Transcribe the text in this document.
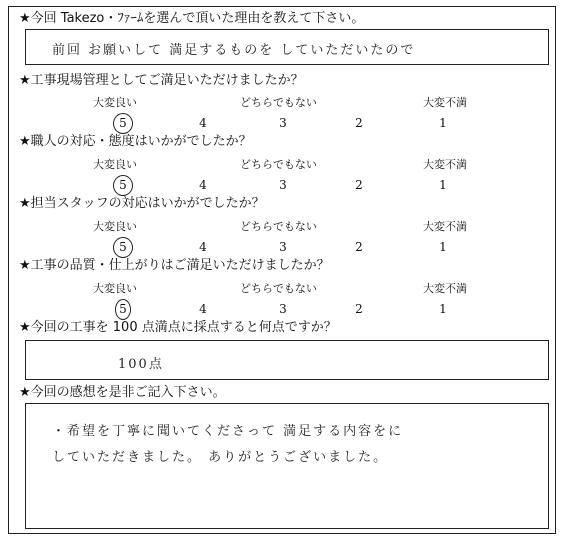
★今回 Takezo・ﾌｧｰﾑを選んで頂いた理由を教えて下さい。
前回 お願いして 満足するものを していただいたので
★工事現場管理としてご満足いただけましたか？
大変良い	どちらでもない	大変不満
5	4	3	2	1
★職人の対応・態度はいかがでしたか？
大変良い	どちらでもない	大変不満
5	4	3	2	1
★担当スタッフの対応はいかがでしたか？
大変良い	どちらでもない	大変不満
5	4	3	2	1
★工事の品質・仕上がりはご満足いただけましたか？
大変良い	どちらでもない	大変不満
5	4	3	2	1
★今回の工事を 100 点満点に採点すると何点ですか？
100点
★今回の感想を是非ご記入下さい。
・希望を丁寧に聞いてくださって 満足する内容をに
していただきました。 ありがとうございました。
